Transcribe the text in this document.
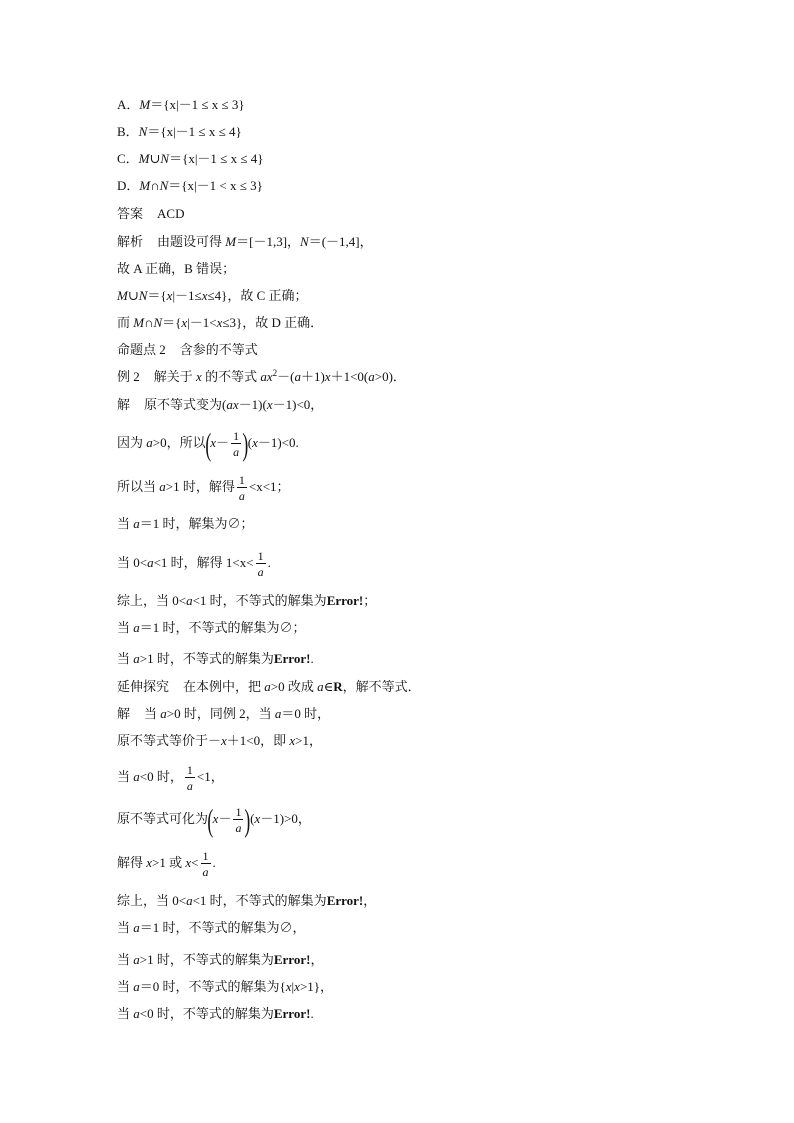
A．M＝{x|－1 ≤ x ≤ 3}
B．N＝{x|－1 ≤ x ≤ 4}
C．M∪N＝{x|－1 ≤ x ≤ 4}
D．M∩N＝{x|－1 < x ≤ 3}
答案 ACD
解析 由题设可得 M＝[－1,3]，N＝(－1,4]，
故 A 正确，B 错误；
M∪N＝{x|－1≤x≤4}，故 C 正确；
而 M∩N＝{x|－1<x≤3}，故 D 正确．
命题点 2 含参的不等式
例 2 解关于 x 的不等式 $ax^2-(a+1)x+1<0(a>0)$．
解 原不等式变为(ax－1)(x－1)<0，
因为 a>0，所以$(x- \frac{1}{a} )(x-1)<0$.
所以当 a>1 时，解得 $\frac{1}{a} <x<1$；
当 a＝1 时，解集为∅；
当 0<a<1 时，解得 $1<x< \frac{1}{a}$ .
综上，当 0<a<1 时，不等式的解集为Error!；
当 a＝1 时，不等式的解集为∅；
当 a>1 时，不等式的解集为Error!.
延伸探究 在本例中，把 a>0 改成 a∈R，解不等式．
解 当 a>0 时，同例 2，当 a＝0 时，
原不等式等价于－x＋1<0，即 x>1，
当 a<0 时， $\frac{1}{a} <1$，
原不等式可化为$(x- \frac{1}{a} )(x-1)>0$，
解得 x>1 或 $x< \frac{1}{a}$ .
综上，当 0<a<1 时，不等式的解集为Error!，
当 a＝1 时，不等式的解集为∅，
当 a>1 时，不等式的解集为Error!，
当 a＝0 时，不等式的解集为{x|x>1}，
当 a<0 时，不等式的解集为Error!.
